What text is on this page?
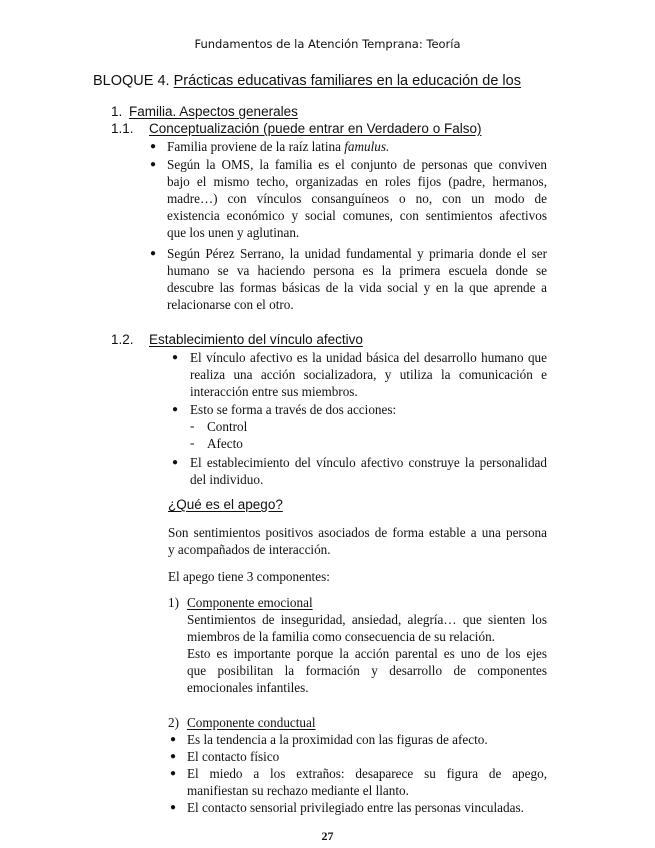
Fundamentos de la Atención Temprana: Teoría
BLOQUE 4. Prácticas educativas familiares en la educación de los
1. Familia. Aspectos generales
1.1. Conceptualización (puede entrar en Verdadero o Falso)
● Familia proviene de la raíz latina famulus.
● Según la OMS, la familia es el conjunto de personas que conviven
bajo el mismo techo, organizadas en roles fijos (padre, hermanos,
madre…) con vínculos consanguíneos o no, con un modo de
existencia económico y social comunes, con sentimientos afectivos
que los unen y aglutinan.
● Según Pérez Serrano, la unidad fundamental y primaria donde el ser
humano se va haciendo persona es la primera escuela donde se
descubre las formas básicas de la vida social y en la que aprende a
relacionarse con el otro.
1.2. Establecimiento del vínculo afectivo
● El vínculo afectivo es la unidad básica del desarrollo humano que
realiza una acción socializadora, y utiliza la comunicación e
interacción entre sus miembros.
● Esto se forma a través de dos acciones:
- Control
- Afecto
● El establecimiento del vínculo afectivo construye la personalidad
del individuo.
¿Qué es el apego?
Son sentimientos positivos asociados de forma estable a una persona
y acompañados de interacción.
El apego tiene 3 componentes:
1) Componente emocional
Sentimientos de inseguridad, ansiedad, alegría… que sienten los
miembros de la familia como consecuencia de su relación.
Esto es importante porque la acción parental es uno de los ejes
que posibilitan la formación y desarrollo de componentes
emocionales infantiles.
2) Componente conductual
● Es la tendencia a la proximidad con las figuras de afecto.
● El contacto físico
● El miedo a los extraños: desaparece su figura de apego,
manifiestan su rechazo mediante el llanto.
● El contacto sensorial privilegiado entre las personas vinculadas.
27
